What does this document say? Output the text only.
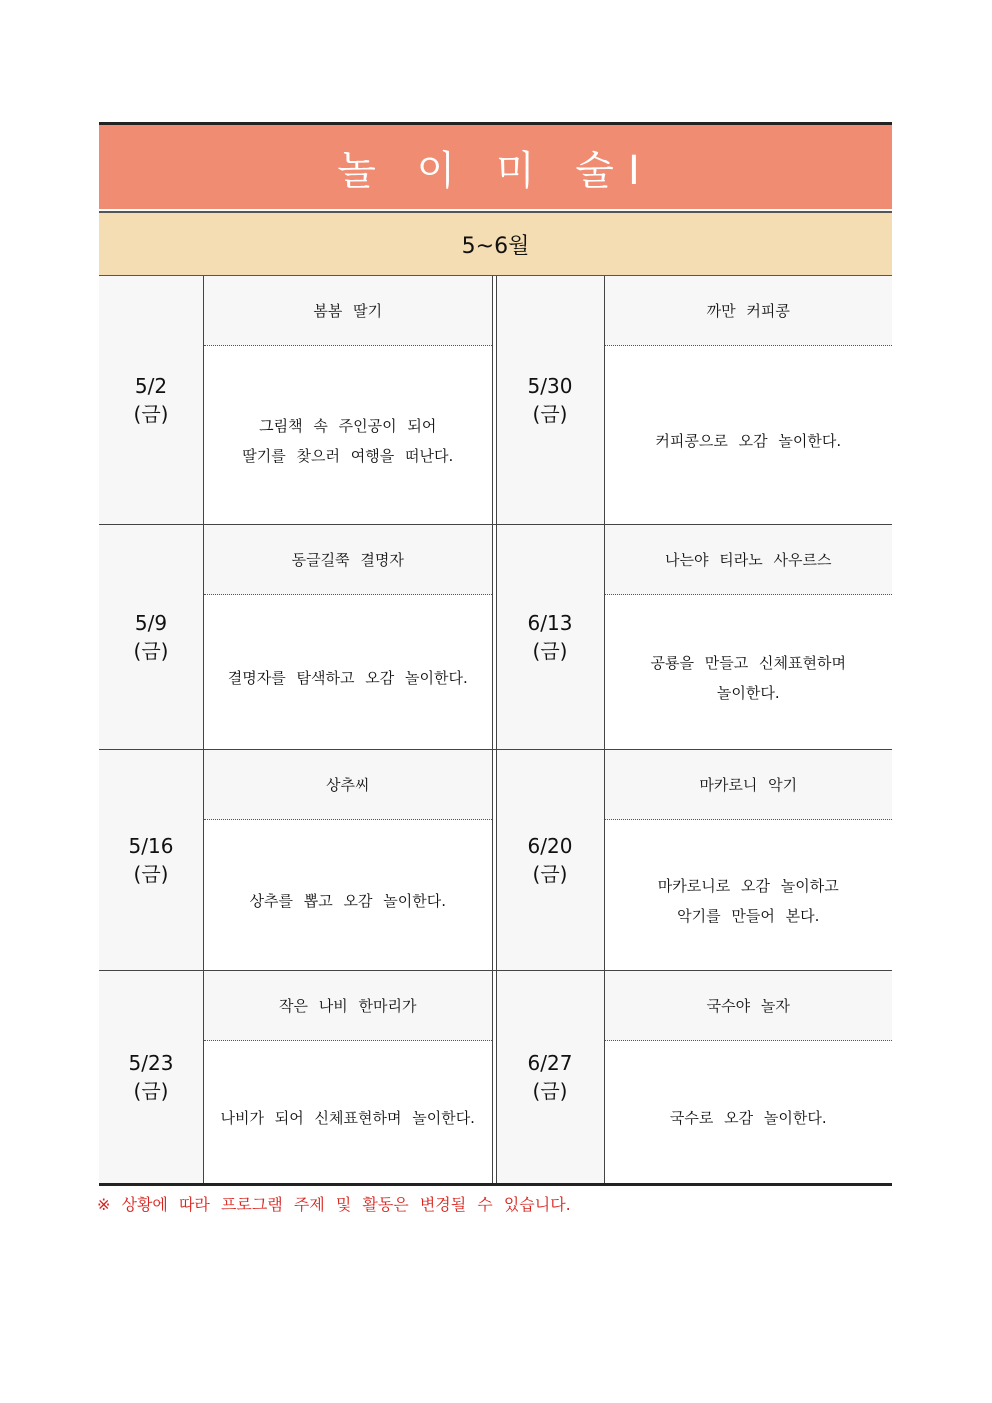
놀 이 미 술Ⅰ
5~6월
5/2
(금)
봄봄 딸기
그림책 속 주인공이 되어
딸기를 찾으러 여행을 떠난다.
5/30
(금)
까만 커피콩
커피콩으로 오감 놀이한다.
5/9
(금)
동글길쭉 결명자
결명자를 탐색하고 오감 놀이한다.
6/13
(금)
나는야 티라노 사우르스
공룡을 만들고 신체표현하며
놀이한다.
5/16
(금)
상추씨
상추를 뽑고 오감 놀이한다.
6/20
(금)
마카로니 악기
마카로니로 오감 놀이하고
악기를 만들어 본다.
5/23
(금)
작은 나비 한마리가
나비가 되어 신체표현하며 놀이한다.
6/27
(금)
국수야 놀자
국수로 오감 놀이한다.
※ 상황에 따라 프로그램 주제 및 활동은 변경될 수 있습니다.
